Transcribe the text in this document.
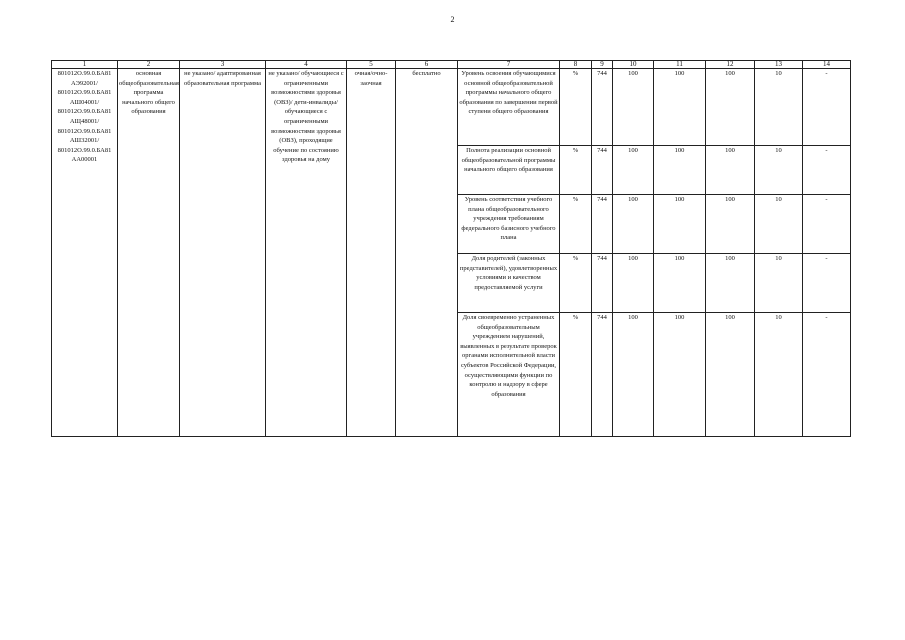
2
1	2	3	4	5	6	7	8	9	10	11	12	13	14
801012О.99.0.БА81 АЭ92001/ 801012О.99.0.БА81 АШ04001/ 801012О.99.0.БА81 АЩ48001/ 801012О.99.0.БА81 АШ32001/ 801012О.99.0.БА81 АА00001	основная общеобразовательная программа начального общего образования	не указано/ адаптированная образовательная программа	не указано/ обучающиеся с ограниченными возможностями здоровья (ОВЗ)/ дети-инвалиды/ обучающиеся с ограниченными возможностями здоровья (ОВЗ), проходящие обучение по состоянию здоровья на дому	очная/очно-заочная	бесплатно	Уровень освоения обучающимися основной общеобразовательной программы начального общего образования по завершении первой ступени общего образования	%	744	100	100	100	10	-
						Полнота реализации основной общеобразовательной программы начального общего образования	%	744	100	100	100	10	-
						Уровень соответствия учебного плана общеобразовательного учреждения требованиям федерального базисного учебного плана	%	744	100	100	100	10	-
						Доля родителей (законных представителей), удовлетворенных условиями и качеством предоставляемой услуги	%	744	100	100	100	10	-
						Доля своевременно устраненных общеобразовательным учреждением нарушений, выявленных в результате проверок органами исполнительной власти субъектов Российской Федерации, осуществляющими функции по контролю и надзору в сфере образования	%	744	100	100	100	10	-
